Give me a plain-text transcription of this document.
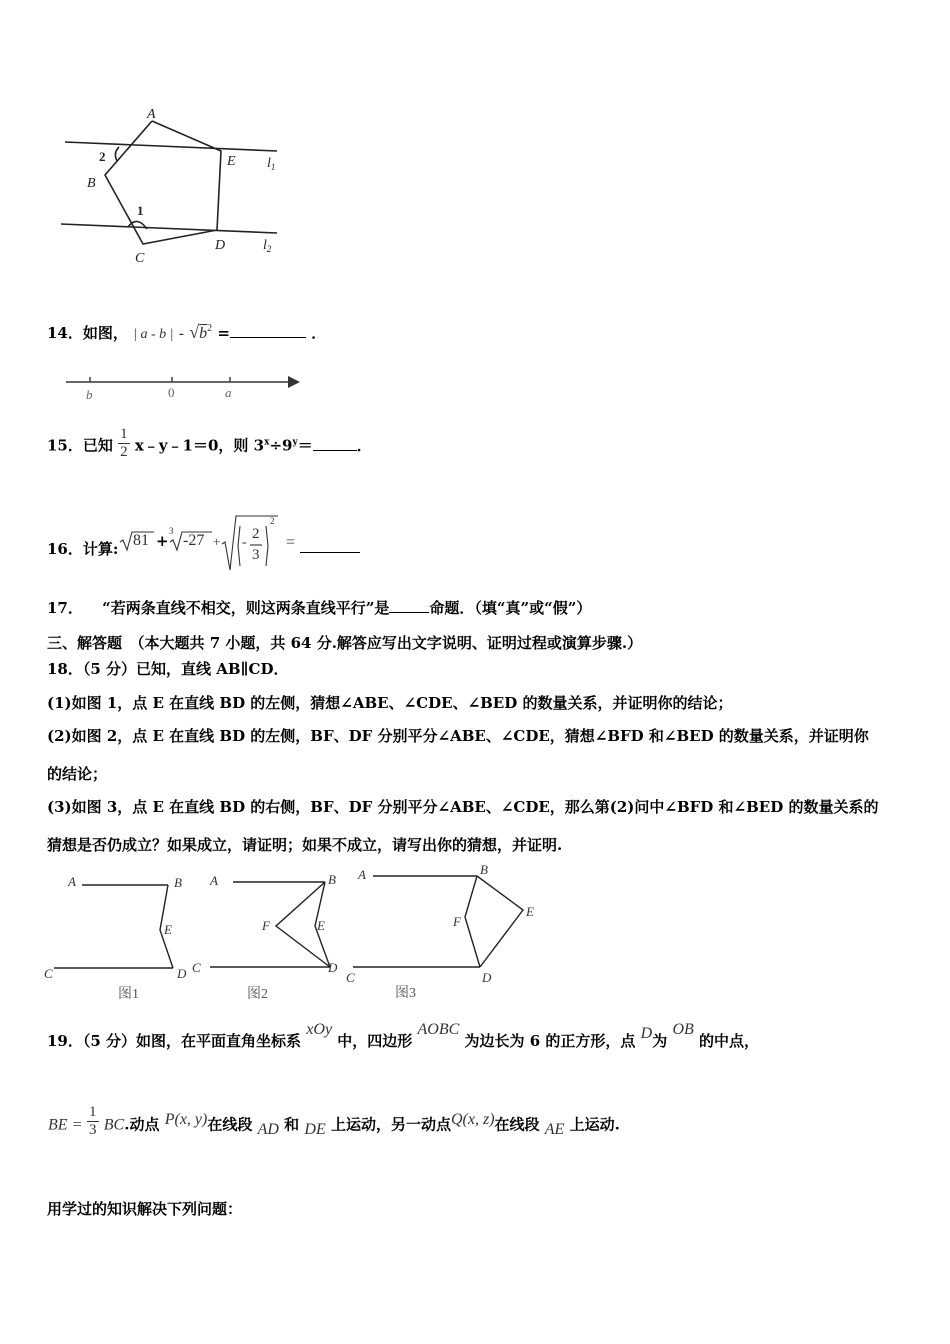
A
E
B
C
D
$l_1$
$l_2$
2
1
14．如图， | a - b | - $√b^2$ =	．
b	0	a
15．已知 $\frac{1}{2}$ x﹣y﹣1＝0，则 $3^x\div 9^y=$	．
16．计算: 81 +
3
-27 + -
2
3
2
=
17． “若两条直线不相交，则这两条直线平行”是	命题．（填“真”或“假”）
三、解答题　（本大题共 7 小题，共 64 分.解答应写出文字说明、证明过程或演算步骤.）
18．（5 分）已知，直线 AB∥CD．
(1)如图 1，点 E 在直线 BD 的左侧，猜想∠ABE、∠CDE、∠BED 的数量关系，并证明你的结论；
(2)如图 2，点 E 在直线 BD 的左侧，BF、DF 分别平分∠ABE、∠CDE，猜想∠BFD 和∠BED 的数量关系，并证明你
的结论；
(3)如图 3，点 E 在直线 BD 的右侧，BF、DF 分别平分∠ABE、∠CDE，那么第(2)问中∠BFD 和∠BED 的数量关系的
猜想是否仍成立？如果成立，请证明；如果不成立，请写出你的猜想，并证明.
A	B
E
C	D
A	B
F	E
C	D
A	B
E
F
C	D
图1	图2	图3
19．（5 分）如图，在平面直角坐标系 xOy 中，四边形 AOBC 为边长为 6 的正方形，点 D为 OB 的中点，
BE = $\frac{1}{3}$ BC.动点 P(x, y)在线段 AD 和 DE 上运动，另一动点Q(x, z)在线段 AE 上运动.
用学过的知识解决下列问题：
